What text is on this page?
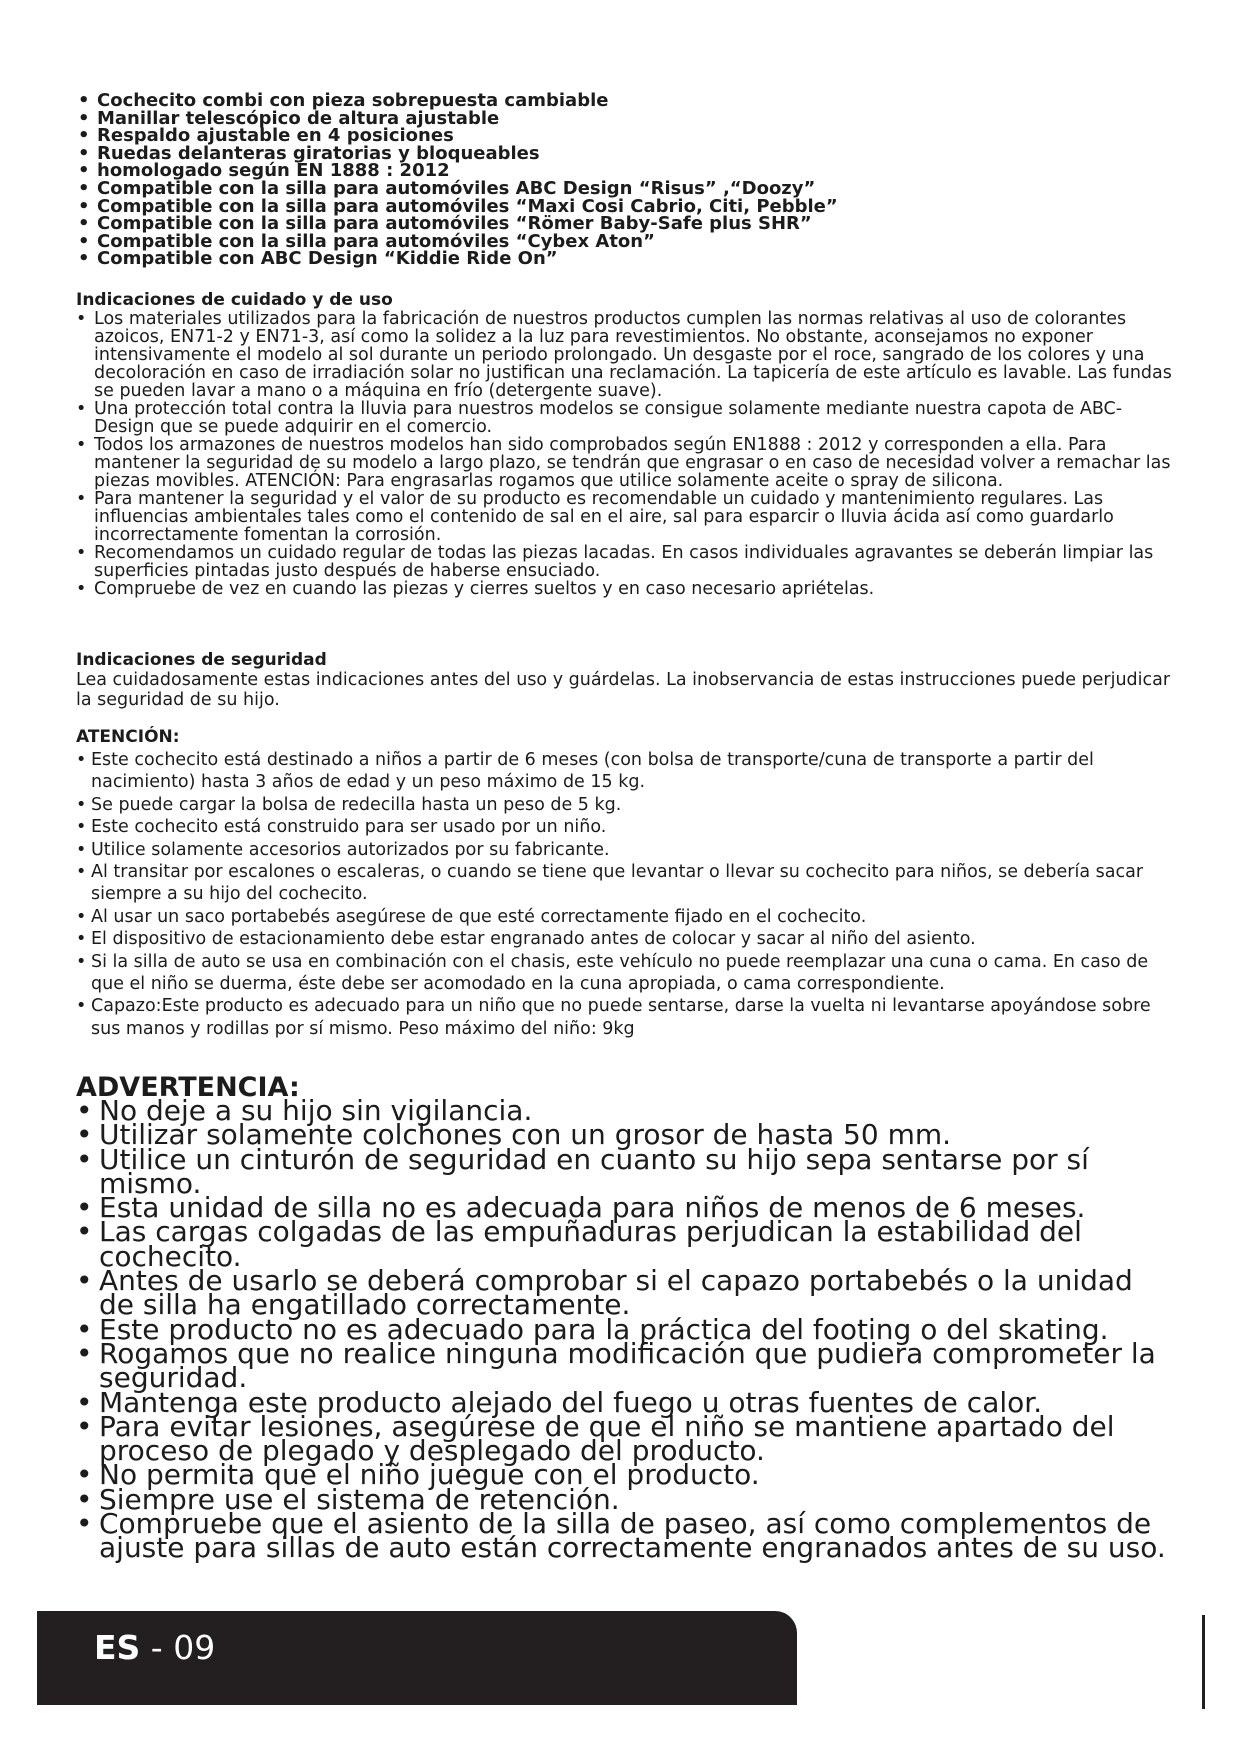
• Cochecito combi con pieza sobrepuesta cambiable
• Manillar telescópico de altura ajustable
• Respaldo ajustable en 4 posiciones
• Ruedas delanteras giratorias y bloqueables
• homologado según EN 1888 : 2012
• Compatible con la silla para automóviles ABC Design “Risus” ,“Doozy”
• Compatible con la silla para automóviles “Maxi Cosi Cabrio, Citi, Pebble”
• Compatible con la silla para automóviles “Römer Baby-Safe plus SHR”
• Compatible con la silla para automóviles “Cybex Aton”
• Compatible con ABC Design “Kiddie Ride On”
Indicaciones de cuidado y de uso
• Los materiales utilizados para la fabricación de nuestros productos cumplen las normas relativas al uso de colorantes azoicos, EN71-2 y EN71-3, así como la solidez a la luz para revestimientos. No obstante, aconsejamos no exponer intensivamente el modelo al sol durante un periodo prolongado. Un desgaste por el roce, sangrado de los colores y una decoloración en caso de irradiación solar no justifican una reclamación. La tapicería de este artículo es lavable. Las fundas se pueden lavar a mano o a máquina en frío (detergente suave).
• Una protección total contra la lluvia para nuestros modelos se consigue solamente mediante nuestra capota de ABC-Design que se puede adquirir en el comercio.
• Todos los armazones de nuestros modelos han sido comprobados según EN1888 : 2012 y corresponden a ella. Para mantener la seguridad de su modelo a largo plazo, se tendrán que engrasar o en caso de necesidad volver a remachar las piezas movibles. ATENCIÓN: Para engrasarlas rogamos que utilice solamente aceite o spray de silicona.
• Para mantener la seguridad y el valor de su producto es recomendable un cuidado y mantenimiento regulares. Las influencias ambientales tales como el contenido de sal en el aire, sal para esparcir o lluvia ácida así como guardarlo incorrectamente fomentan la corrosión.
• Recomendamos un cuidado regular de todas las piezas lacadas. En casos individuales agravantes se deberán limpiar las superficies pintadas justo después de haberse ensuciado.
• Compruebe de vez en cuando las piezas y cierres sueltos y en caso necesario apriételas.
Indicaciones de seguridad

Lea cuidadosamente estas indicaciones antes del uso y guárdelas. La inobservancia de estas instrucciones puede perjudicar la seguridad de su hijo.

ATENCIÓN:
• Este cochecito está destinado a niños a partir de 6 meses (con bolsa de transporte/cuna de transporte a partir del nacimiento) hasta 3 años de edad y un peso máximo de 15 kg.
• Se puede cargar la bolsa de redecilla hasta un peso de 5 kg.
• Este cochecito está construido para ser usado por un niño.
• Utilice solamente accesorios autorizados por su fabricante.
• Al transitar por escalones o escaleras, o cuando se tiene que levantar o llevar su cochecito para niños, se debería sacar siempre a su hijo del cochecito.
• Al usar un saco portabebés asegúrese de que esté correctamente fijado en el cochecito.
• El dispositivo de estacionamiento debe estar engranado antes de colocar y sacar al niño del asiento.
• Si la silla de auto se usa en combinación con el chasis, este vehículo no puede reemplazar una cuna o cama. En caso de que el niño se duerma, éste debe ser acomodado en la cuna apropiada, o cama correspondiente.
• Capazo:Este producto es adecuado para un niño que no puede sentarse, darse la vuelta ni levantarse apoyándose sobre sus manos y rodillas por sí mismo. Peso máximo del niño: 9kg
ADVERTENCIA:
• No deje a su hijo sin vigilancia.
• Utilizar solamente colchones con un grosor de hasta 50 mm.
• Utilice un cinturón de seguridad en cuanto su hijo sepa sentarse por sí mismo.
• Esta unidad de silla no es adecuada para niños de menos de 6 meses.
• Las cargas colgadas de las empuñaduras perjudican la estabilidad del cochecito.
• Antes de usarlo se deberá comprobar si el capazo portabebés o la unidad de silla ha engatillado correctamente.
• Este producto no es adecuado para la práctica del footing o del skating.
• Rogamos que no realice ninguna modificación que pudiera comprometer la seguridad.
• Mantenga este producto alejado del fuego u otras fuentes de calor.
• Para evitar lesiones, asegúrese de que el niño se mantiene apartado del proceso de plegado y desplegado del producto.
• No permita que el niño juegue con el producto.
• Siempre use el sistema de retención.
• Compruebe que el asiento de la silla de paseo, así como complementos de ajuste para sillas de auto están correctamente engranados antes de su uso.
ES - 09
